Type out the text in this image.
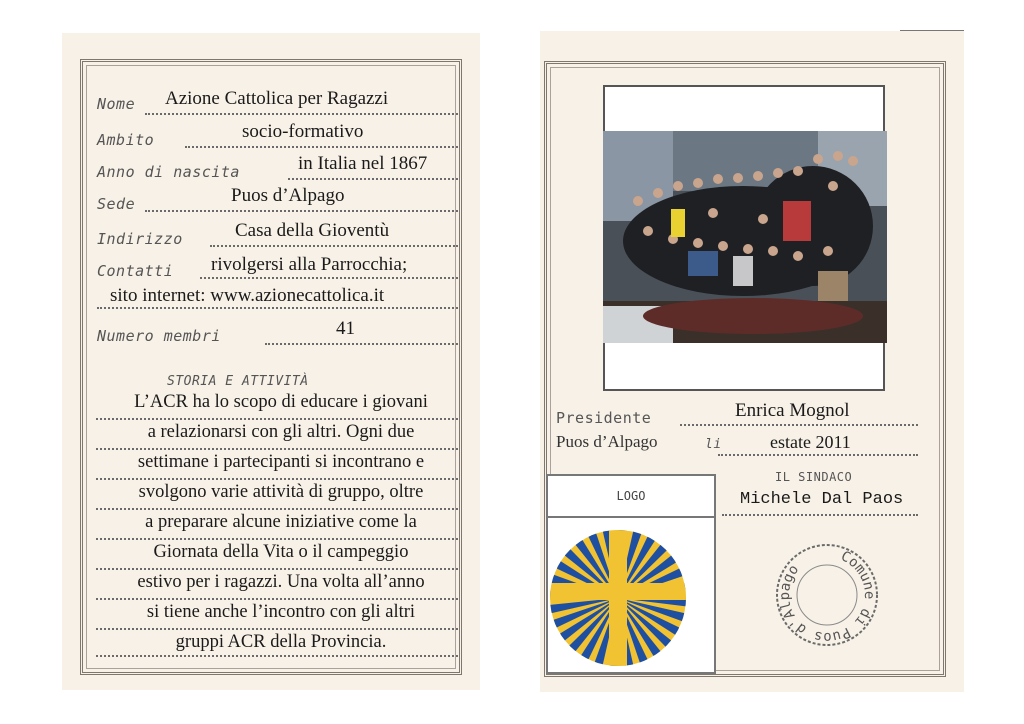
Nome Azione Cattolica per Ragazzi
Ambito	socio-formativo
Anno di nascita	in Italia nel 1867
Sede	Puos d’Alpago
Indirizzo	Casa della Gioventù
Contatti rivolgersi alla Parrocchia;
sito internet: www.azionecattolica.it
Numero membri	41
STORIA E ATTIVITÀ
L’ACR ha lo scopo di educare i giovani
a relazionarsi con gli altri. Ogni due
settimane i partecipanti si incontrano e
svolgono varie attività di gruppo, oltre
a preparare alcune iniziative come la
Giornata della Vita o il campeggio
estivo per i ragazzi. Una volta all’anno
si tiene anche l’incontro con gli altri
gruppi ACR della Provincia.
Presidente	Enrica Mognol
Puos d’Alpago	li	estate 2011
IL SINDACO
Michele Dal Paos
LOGO
Comune di Puos d'Alpago
